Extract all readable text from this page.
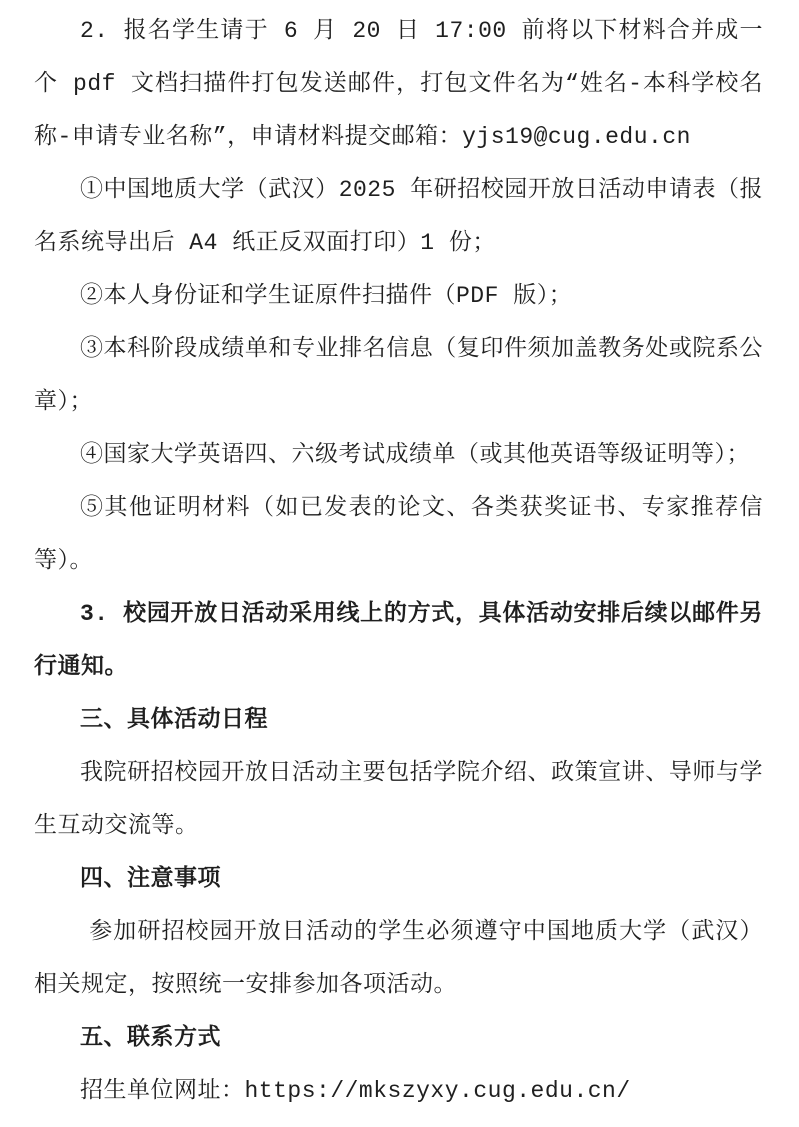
2. 报名学生请于 6 月 20 日 17:00 前将以下材料合并成一个 pdf 文档扫描件打包发送邮件，打包文件名为“姓名-本科学校名称-申请专业名称”，申请材料提交邮箱：yjs19@cug.edu.cn

①中国地质大学（武汉）2025 年研招校园开放日活动申请表（报名系统导出后 A4 纸正反双面打印）1 份；

②本人身份证和学生证原件扫描件（PDF 版）；

③本科阶段成绩单和专业排名信息（复印件须加盖教务处或院系公章）；

④国家大学英语四、六级考试成绩单（或其他英语等级证明等）；

⑤其他证明材料（如已发表的论文、各类获奖证书、专家推荐信等）。

3. 校园开放日活动采用线上的方式，具体活动安排后续以邮件另行通知。

三、具体活动日程

我院研招校园开放日活动主要包括学院介绍、政策宣讲、导师与学生互动交流等。

四、注意事项

参加研招校园开放日活动的学生必须遵守中国地质大学（武汉）相关规定，按照统一安排参加各项活动。

五、联系方式

招生单位网址：https://mkszyxy.cug.edu.cn/
